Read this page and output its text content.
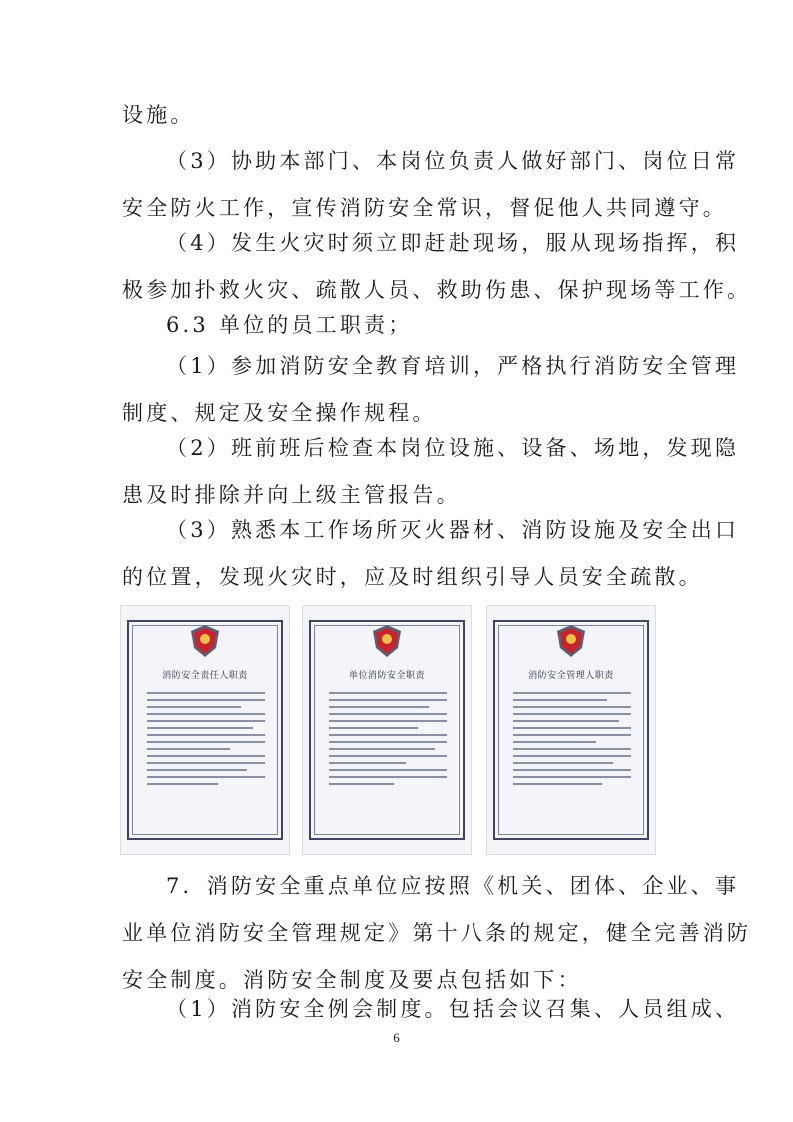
设施。

（3）协助本部门、本岗位负责人做好部门、岗位日常
安全防火工作，宣传消防安全常识，督促他人共同遵守。

（4）发生火灾时须立即赶赴现场，服从现场指挥，积
极参加扑救火灾、疏散人员、救助伤患、保护现场等工作。

6.3 单位的员工职责；

（1）参加消防安全教育培训，严格执行消防安全管理
制度、规定及安全操作规程。

（2）班前班后检查本岗位设施、设备、场地，发现隐
患及时排除并向上级主管报告。

（3）熟悉本工作场所灭火器材、消防设施及安全出口
的位置，发现火灾时，应及时组织引导人员安全疏散。

消防安全责任人职责	单位消防安全职责	消防安全管理人职责

7．消防安全重点单位应按照《机关、团体、企业、事
业单位消防安全管理规定》第十八条的规定，健全完善消防
安全制度。消防安全制度及要点包括如下：

（1）消防安全例会制度。包括会议召集、人员组成、

6
